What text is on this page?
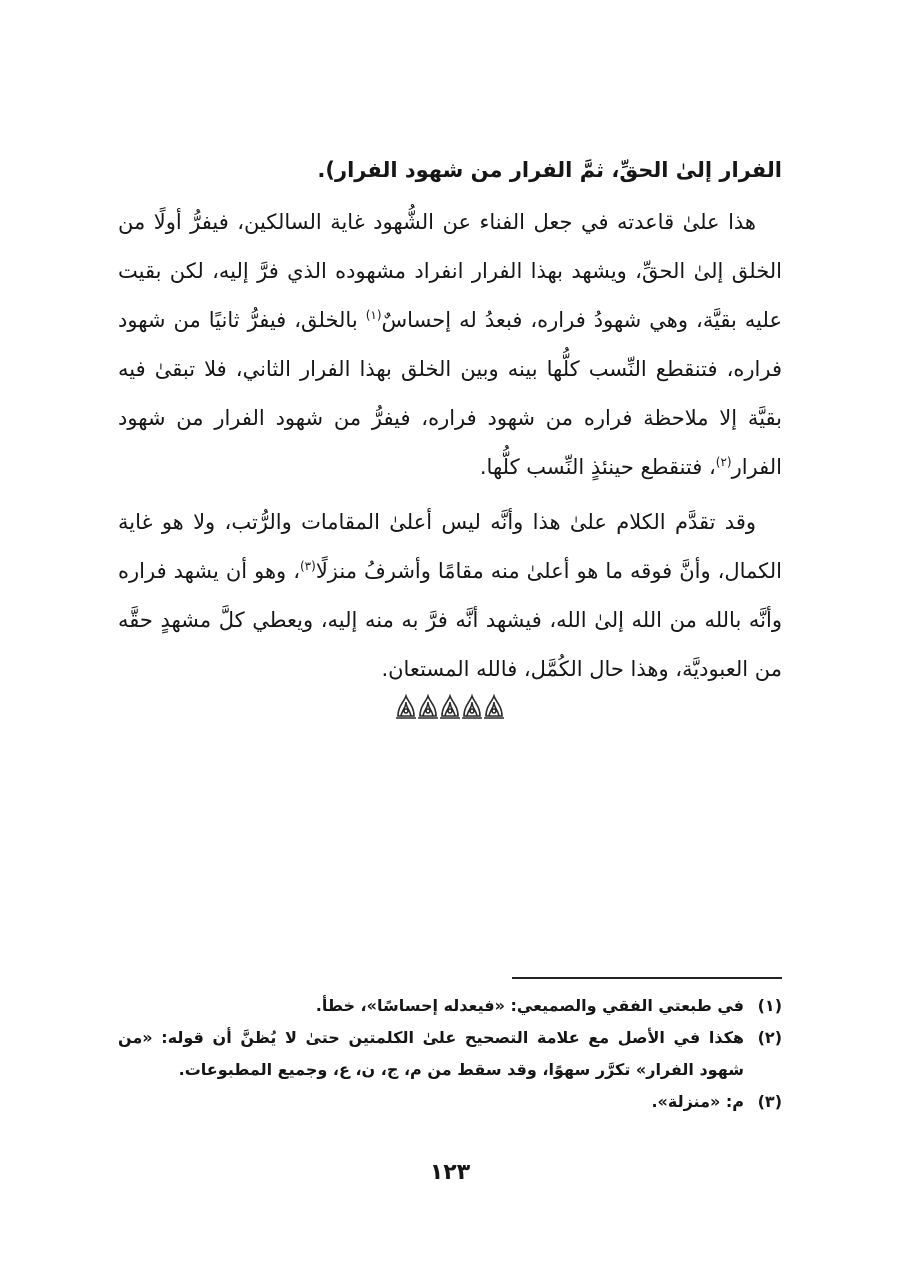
الفرار إلىٰ الحقِّ، ثمَّ الفرار من شهود الفرار).

هذا علىٰ قاعدته في جعل الفناء عن الشُّهود غاية السالكين، فيفرُّ أولًا من الخلق إلىٰ الحقِّ، ويشهد بهذا الفرار انفراد مشهوده الذي فرَّ إليه، لكن بقيت عليه بقيَّة، وهي شهودُ فراره، فبعدُ له إحساسٌ$^{(١)}$ بالخلق، فيفرُّ ثانيًا من شهود فراره، فتنقطع النِّسب كلُّها بينه وبين الخلق بهذا الفرار الثاني، فلا تبقىٰ فيه بقيَّة إلا ملاحظة فراره من شهود فراره، فيفرُّ من شهود الفرار من شهود الفرار$^{(٢)}$، فتنقطع حينئذٍ النِّسب كلُّها.

وقد تقدَّم الكلام علىٰ هذا وأنَّه ليس أعلىٰ المقامات والرُّتب، ولا هو غاية الكمال، وأنَّ فوقه ما هو أعلىٰ منه مقامًا وأشرفُ منزلًا$^{(٣)}$، وهو أن يشهد فراره وأنَّه بالله من الله إلىٰ الله، فيشهد أنَّه فرَّ به منه إليه، ويعطي كلَّ مشهدٍ حقَّه من العبوديَّة، وهذا حال الكُمَّل، فالله المستعان.

(١)
في طبعتي الفقي والصميعي: «فيعدله إحساسًا»، خطأ.
(٢)
هكذا في الأصل مع علامة التصحيح علىٰ الكلمتين حتىٰ لا يُظنَّ أن قوله: «من شهود الفرار» تكرَّر سهوًا، وقد سقط من م، ج، ن، ع، وجميع المطبوعات.
(٣)
م: «منزلة».
١٢٣
